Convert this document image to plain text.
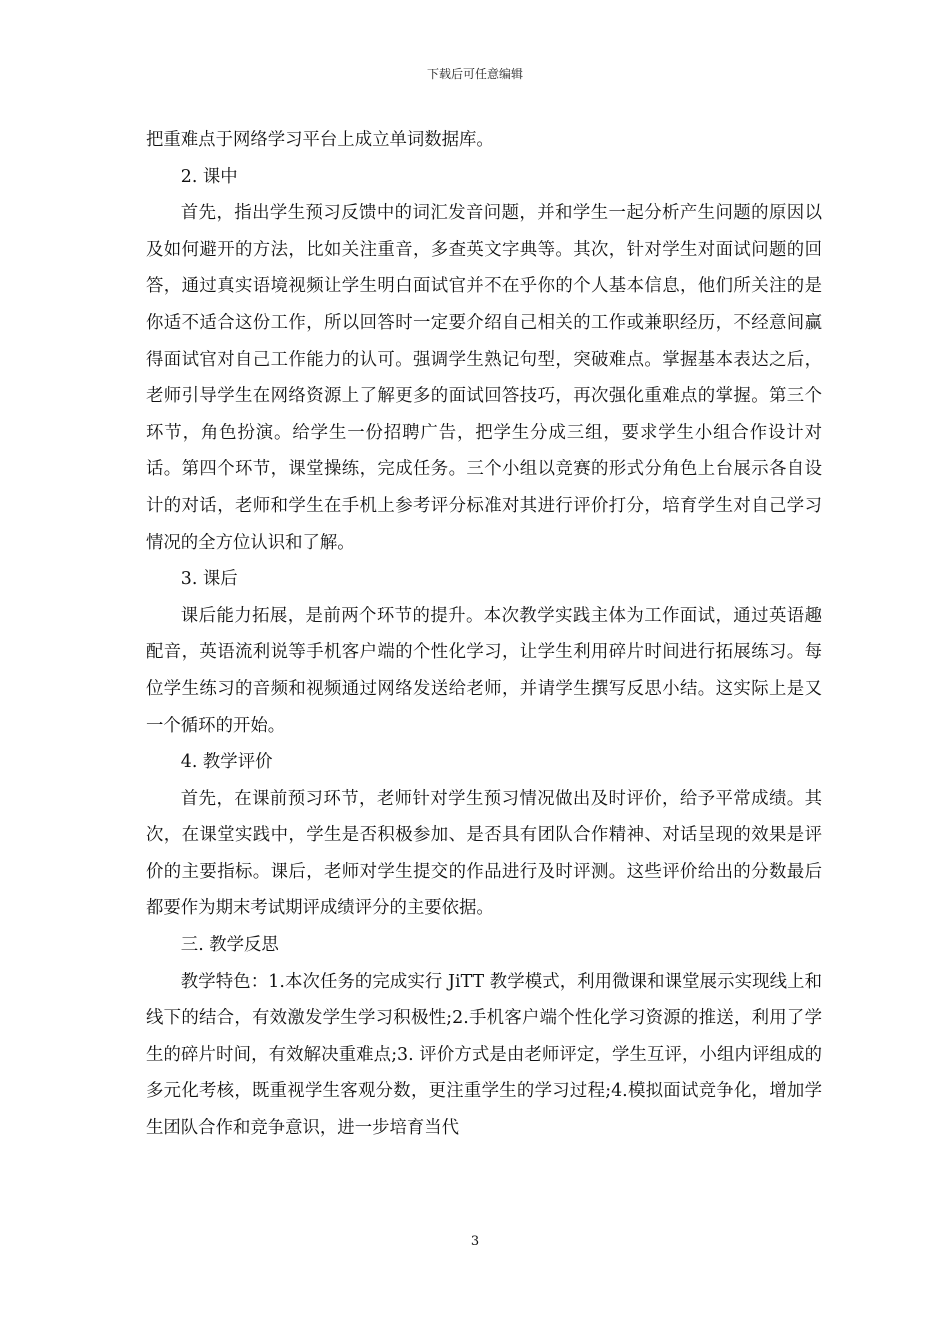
下载后可任意编辑

把重难点于网络学习平台上成立单词数据库。

2. 课中

首先，指出学生预习反馈中的词汇发音问题，并和学生一起分析产生问题的原因以及如何避开的方法，比如关注重音，多查英文字典等。其次，针对学生对面试问题的回答，通过真实语境视频让学生明白面试官并不在乎你的个人基本信息，他们所关注的是你适不适合这份工作，所以回答时一定要介绍自己相关的工作或兼职经历，不经意间赢得面试官对自己工作能力的认可。强调学生熟记句型，突破难点。掌握基本表达之后，老师引导学生在网络资源上了解更多的面试回答技巧，再次强化重难点的掌握。第三个环节，角色扮演。给学生一份招聘广告，把学生分成三组，要求学生小组合作设计对话。第四个环节，课堂操练，完成任务。三个小组以竞赛的形式分角色上台展示各自设计的对话，老师和学生在手机上参考评分标准对其进行评价打分，培育学生对自己学习情况的全方位认识和了解。

3. 课后

课后能力拓展，是前两个环节的提升。本次教学实践主体为工作面试，通过英语趣配音，英语流利说等手机客户端的个性化学习，让学生利用碎片时间进行拓展练习。每位学生练习的音频和视频通过网络发送给老师，并请学生撰写反思小结。这实际上是又一个循环的开始。

4. 教学评价

首先，在课前预习环节，老师针对学生预习情况做出及时评价，给予平常成绩。其次，在课堂实践中，学生是否积极参加、是否具有团队合作精神、对话呈现的效果是评价的主要指标。课后，老师对学生提交的作品进行及时评测。这些评价给出的分数最后都要作为期末考试期评成绩评分的主要依据。

三. 教学反思

教学特色：1.本次任务的完成实行 JiTT 教学模式，利用微课和课堂展示实现线上和线下的结合，有效激发学生学习积极性;2.手机客户端个性化学习资源的推送，利用了学生的碎片时间，有效解决重难点;3. 评价方式是由老师评定，学生互评，小组内评组成的多元化考核，既重视学生客观分数，更注重学生的学习过程;4.模拟面试竞争化，增加学生团队合作和竞争意识，进一步培育当代

3
